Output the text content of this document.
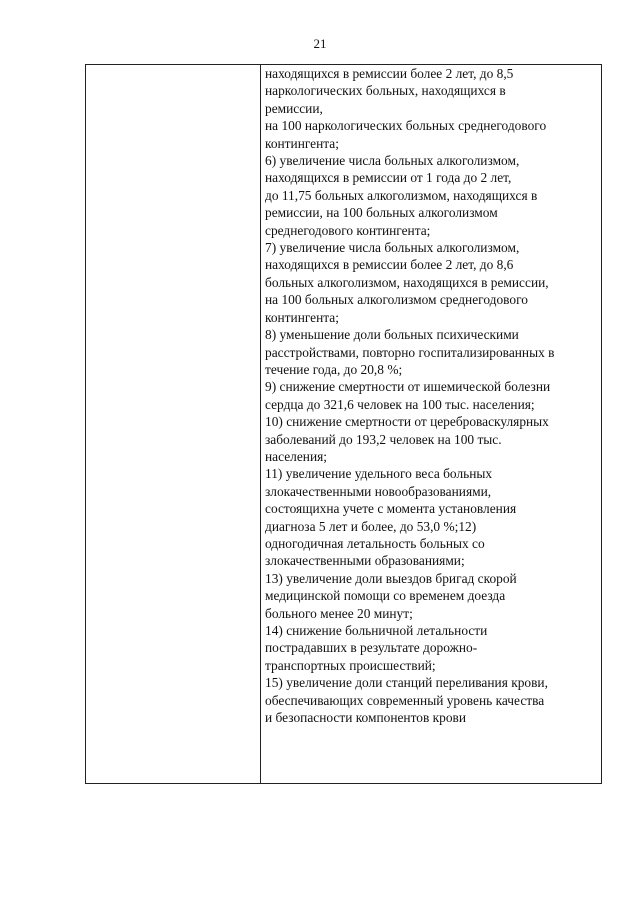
21
находящихся в ремиссии более 2 лет, до 8,5
наркологических больных, находящихся в
ремиссии,
на 100 наркологических больных среднегодового
контингента;
6) увеличение числа больных алкоголизмом,
находящихся в ремиссии от 1 года до 2 лет,
до 11,75 больных алкоголизмом, находящихся в
ремиссии, на 100 больных алкоголизмом
среднегодового контингента;
7) увеличение числа больных алкоголизмом,
находящихся в ремиссии более 2 лет, до 8,6
больных алкоголизмом, находящихся в ремиссии,
на 100 больных алкоголизмом среднегодового
контингента;
8) уменьшение доли больных психическими
расстройствами, повторно госпитализированных в
течение года, до 20,8 %;
9) снижение смертности от ишемической болезни
сердца до 321,6 человек на 100 тыс. населения;
10) снижение смертности от цереброваскулярных
заболеваний до 193,2 человек на 100 тыс.
населения;
11) увеличение удельного веса больных
злокачественными новообразованиями,
состоящихна учете с момента установления
диагноза 5 лет и более, до 53,0 %;12)
одногодичная летальность больных со
злокачественными образованиями;
13) увеличение доли выездов бригад скорой
медицинской помощи со временем доезда
больного менее 20 минут;
14) снижение больничной летальности
пострадавших в результате дорожно-
транспортных происшествий;
15) увеличение доли станций переливания крови,
обеспечивающих современный уровень качества
и безопасности компонентов крови
